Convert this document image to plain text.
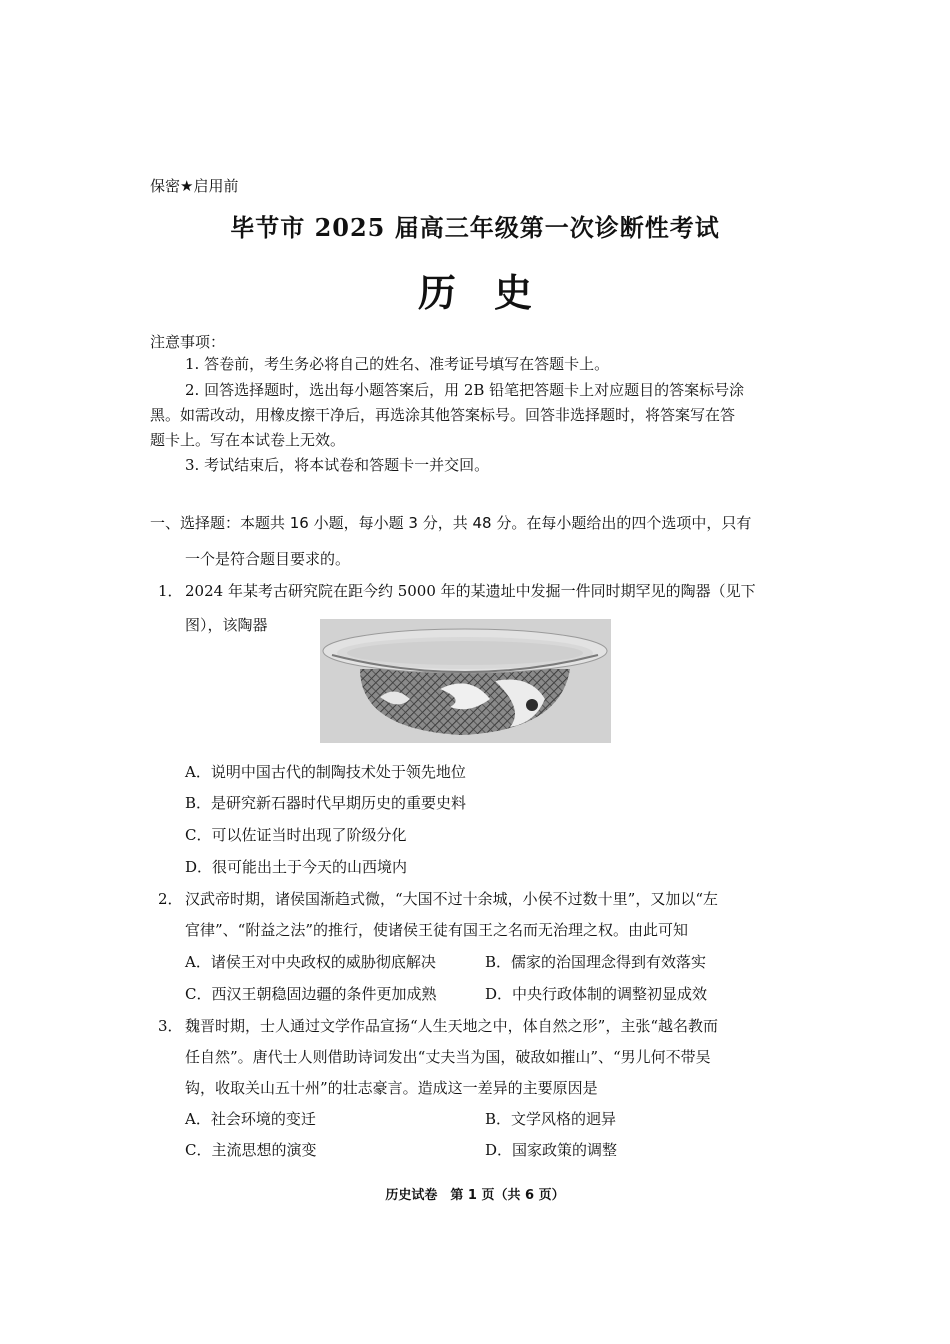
保密★启用前
毕节市 2025 届高三年级第一次诊断性考试
历　史
注意事项：
1. 答卷前，考生务必将自己的姓名、准考证号填写在答题卡上。
2. 回答选择题时，选出每小题答案后，用 2B 铅笔把答题卡上对应题目的答案标号涂
黑。如需改动，用橡皮擦干净后，再选涂其他答案标号。回答非选择题时，将答案写在答
题卡上。写在本试卷上无效。
3. 考试结束后，将本试卷和答题卡一并交回。
一、选择题：本题共 16 小题，每小题 3 分，共 48 分。在每小题给出的四个选项中，只有
一个是符合题目要求的。
1． 2024 年某考古研究院在距今约 5000 年的某遗址中发掘一件同时期罕见的陶器（见下
图），该陶器
A．说明中国古代的制陶技术处于领先地位
B．是研究新石器时代早期历史的重要史料
C．可以佐证当时出现了阶级分化
D．很可能出土于今天的山西境内
2． 汉武帝时期，诸侯国渐趋式微，“大国不过十余城，小侯不过数十里”，又加以“左
官律”、“附益之法”的推行，使诸侯王徒有国王之名而无治理之权。由此可知
A．诸侯王对中央政权的威胁彻底解决	B．儒家的治国理念得到有效落实
C．西汉王朝稳固边疆的条件更加成熟	D．中央行政体制的调整初显成效
3． 魏晋时期，士人通过文学作品宣扬“人生天地之中，体自然之形”，主张“越名教而
任自然”。唐代士人则借助诗词发出“丈夫当为国，破敌如摧山”、“男儿何不带吴
钩，收取关山五十州”的壮志豪言。造成这一差异的主要原因是
A．社会环境的变迁	B．文学风格的迥异
C．主流思想的演变	D．国家政策的调整
历史试卷　第 1 页（共 6 页）
